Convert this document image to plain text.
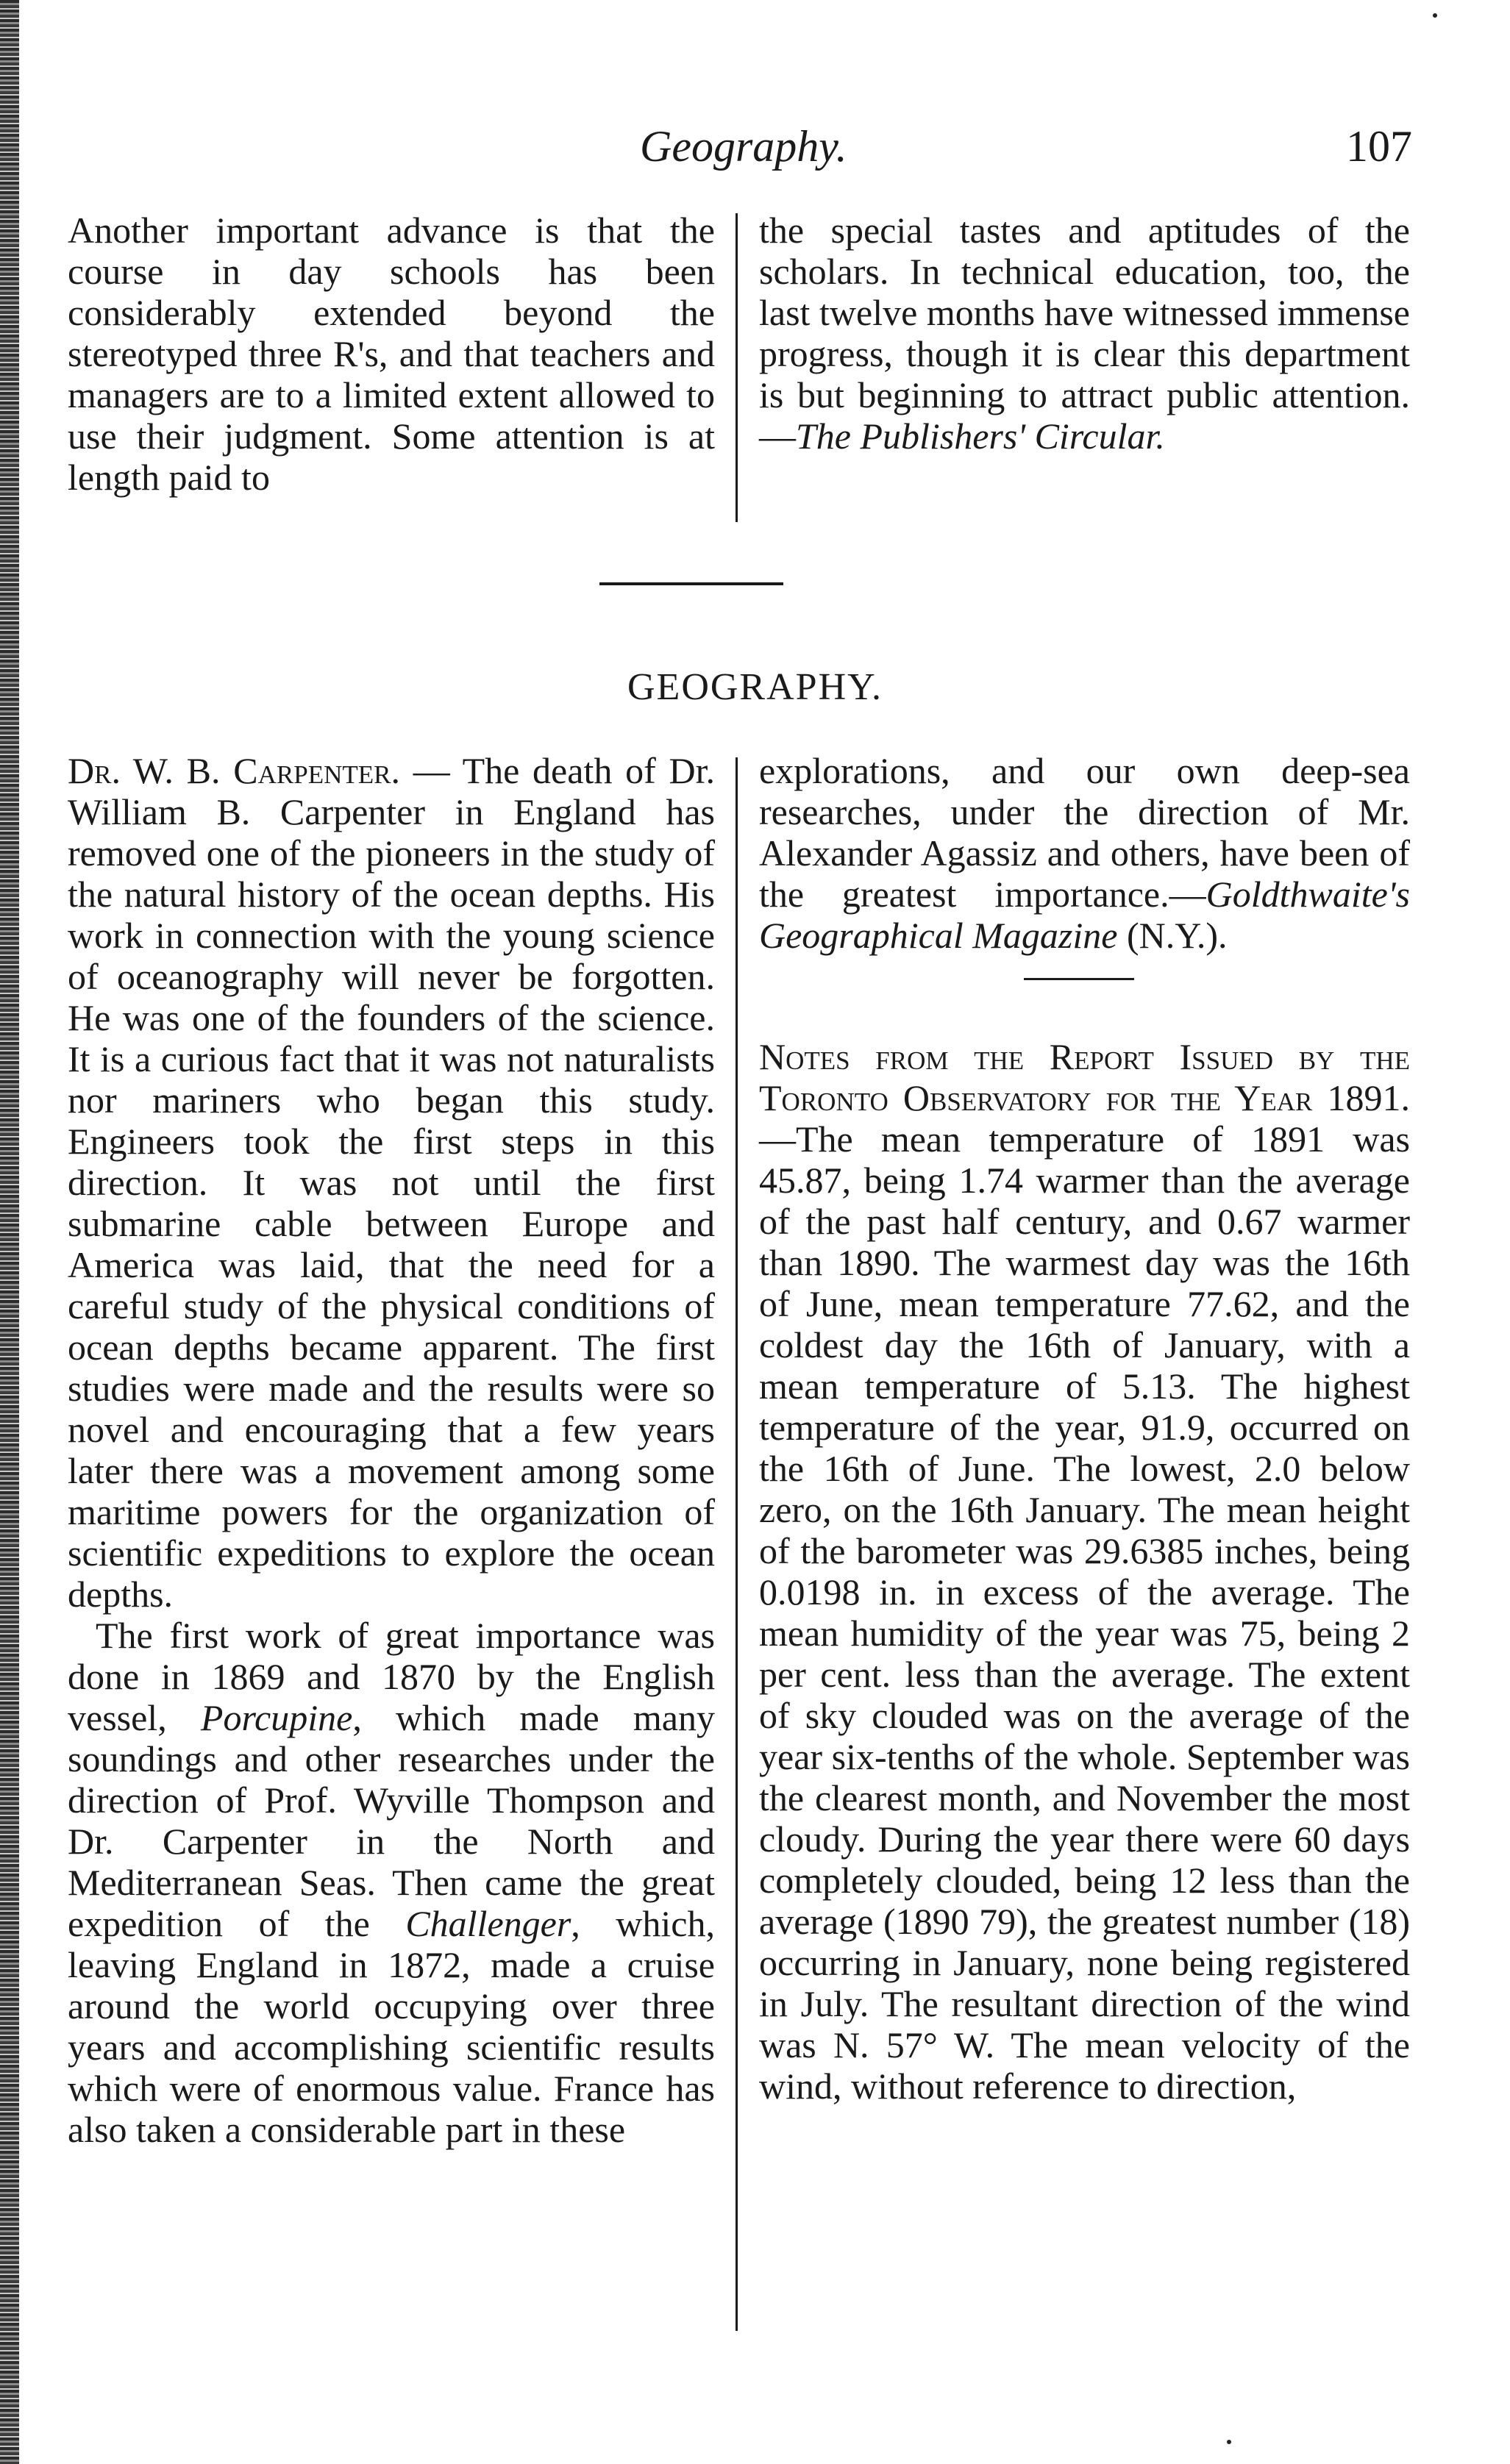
Geography.	107

Another important advance is that the course in day schools has been considerably extended beyond the stereotyped three R's, and that teachers and managers are to a limited extent allowed to use their judgment. Some attention is at length paid to

the special tastes and aptitudes of the scholars. In technical education, too, the last twelve months have witnessed immense progress, though it is clear this department is but beginning to attract public attention.—The Publishers' Circular.

GEOGRAPHY.

Dr. W. B. Carpenter. — The death of Dr. William B. Carpenter in England has removed one of the pioneers in the study of the natural history of the ocean depths. His work in connection with the young science of oceanography will never be forgotten. He was one of the founders of the science. It is a curious fact that it was not naturalists nor mariners who began this study. Engineers took the first steps in this direction. It was not until the first submarine cable between Europe and America was laid, that the need for a careful study of the physical conditions of ocean depths became apparent. The first studies were made and the results were so novel and encouraging that a few years later there was a movement among some maritime powers for the organization of scientific expeditions to explore the ocean depths.

The first work of great importance was done in 1869 and 1870 by the English vessel, Porcupine, which made many soundings and other researches under the direction of Prof. Wyville Thompson and Dr. Carpenter in the North and Mediterranean Seas. Then came the great expedition of the Challenger, which, leaving England in 1872, made a cruise around the world occupying over three years and accomplishing scientific results which were of enormous value. France has also taken a considerable part in these

explorations, and our own deep-sea researches, under the direction of Mr. Alexander Agassiz and others, have been of the greatest importance.—Goldthwaite's Geographical Magazine (N.Y.).

Notes from the Report Issued by the Toronto Observatory for the Year 1891.—The mean temperature of 1891 was 45.87, being 1.74 warmer than the average of the past half century, and 0.67 warmer than 1890. The warmest day was the 16th of June, mean temperature 77.62, and the coldest day the 16th of January, with a mean temperature of 5.13. The highest temperature of the year, 91.9, occurred on the 16th of June. The lowest, 2.0 below zero, on the 16th January. The mean height of the barometer was 29.6385 inches, being 0.0198 in. in excess of the average. The mean humidity of the year was 75, being 2 per cent. less than the average. The extent of sky clouded was on the average of the year six-tenths of the whole. September was the clearest month, and November the most cloudy. During the year there were 60 days completely clouded, being 12 less than the average (1890 79), the greatest number (18) occurring in January, none being registered in July. The resultant direction of the wind was N. 57° W. The mean velocity of the wind, without reference to direction,
